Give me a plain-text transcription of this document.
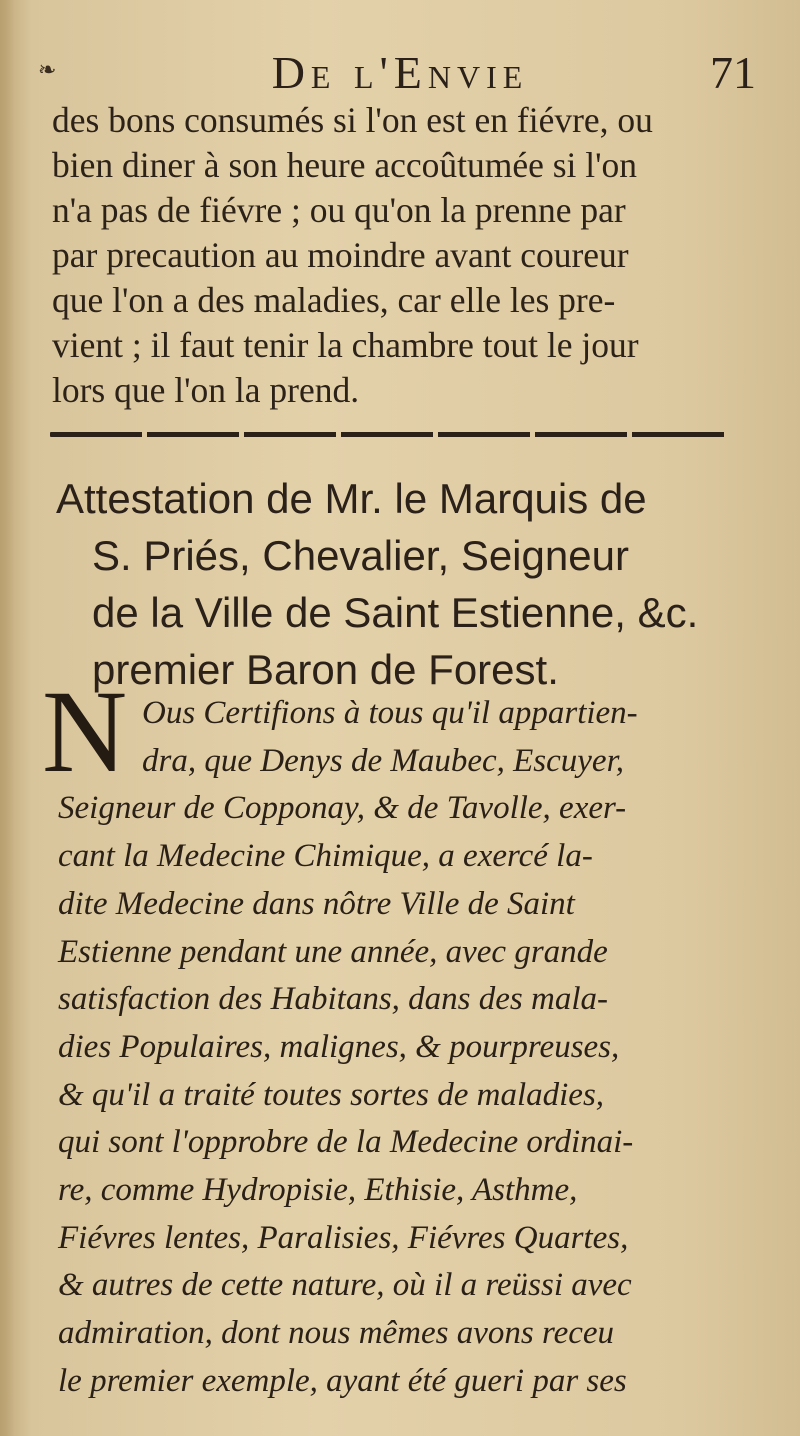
❧	De l'Envie	71
des bons consumés si l'on est en fiévre, ou
bien diner à son heure accoûtumée si l'on
n'a pas de fiévre ; ou qu'on la prenne par
par precaution au moindre avant coureur
que l'on a des maladies, car elle les pre-
vient ; il faut tenir la chambre tout le jour
lors que l'on la prend.
Attestation de Mr. le Marquis de
S. Priés, Chevalier, Seigneur
de la Ville de Saint Estienne, &c.
premier Baron de Forest.
N Ous Certifions à tous qu'il appartien-
dra, que Denys de Maubec, Escuyer,
Seigneur de Copponay, & de Tavolle, exer-
cant la Medecine Chimique, a exercé la-
dite Medecine dans nôtre Ville de Saint
Estienne pendant une année, avec grande
satisfaction des Habitans, dans des mala-
dies Populaires, malignes, & pourpreuses,
& qu'il a traité toutes sortes de maladies,
qui sont l'opprobre de la Medecine ordinai-
re, comme Hydropisie, Ethisie, Asthme,
Fiévres lentes, Paralisies, Fiévres Quartes,
& autres de cette nature, où il a reüssi avec
admiration, dont nous mêmes avons receu
le premier exemple, ayant été gueri par ses
